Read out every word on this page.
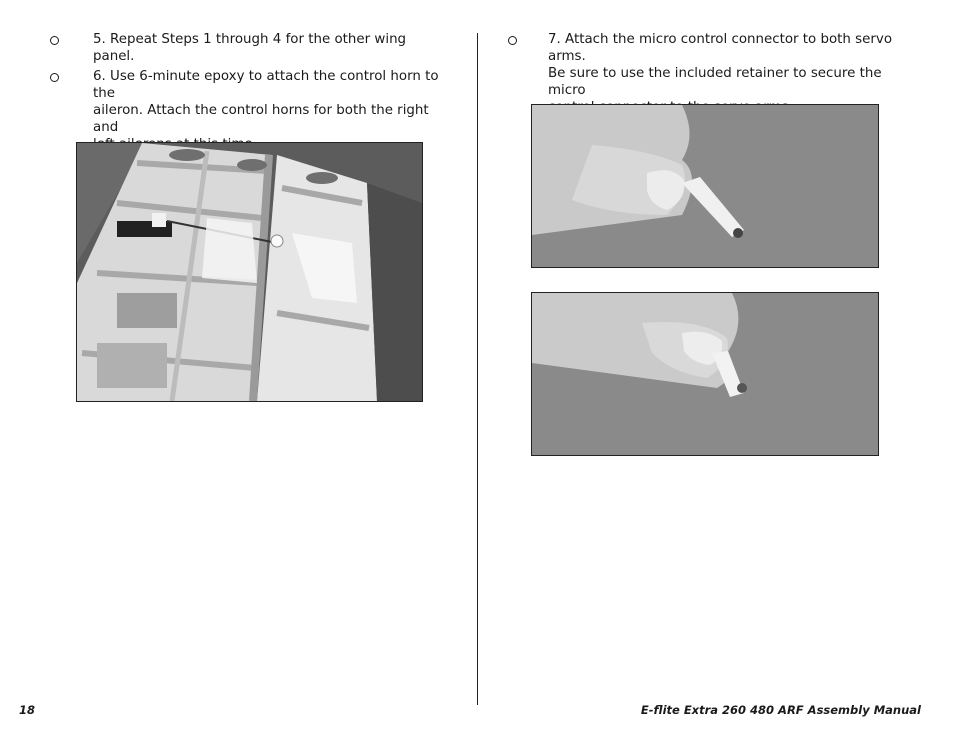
5. Repeat Steps 1 through 4 for the other wing panel.
6. Use 6-minute epoxy to attach the control horn to the
aileron. Attach the control horns for both the right and

7. Attach the micro control connector to both servo arms.
Be sure to use the included retainer to secure the micro

18	E-flite Extra 260 480 ARF Assembly Manual
